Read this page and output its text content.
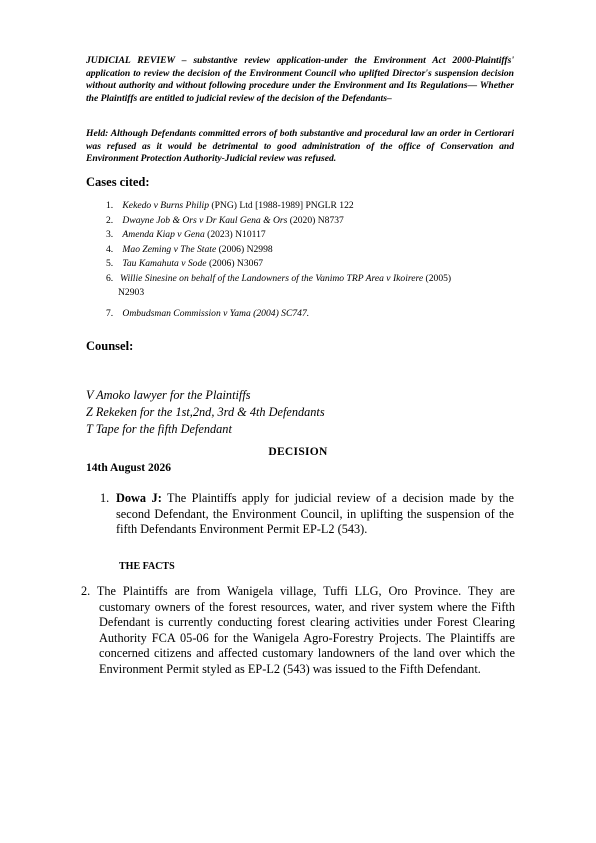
JUDICIAL REVIEW – substantive review application-under the Environment Act 2000-Plaintiffs' application to review the decision of the Environment Council who uplifted Director's suspension decision without authority and without following procedure under the Environment and Its Regulations— Whether the Plaintiffs are entitled to judicial review of the decision of the Defendants–
Held: Although Defendants committed errors of both substantive and procedural law an order in Certiorari was refused as it would be detrimental to good administration of the office of Conservation and Environment Protection Authority-Judicial review was refused.
Cases cited:
1. Kekedo v Burns Philip (PNG) Ltd [1988-1989] PNGLR 122
2. Dwayne Job & Ors v Dr Kaul Gena & Ors (2020) N8737
3. Amenda Kiap v Gena (2023) N10117
4. Mao Zeming v The State (2006) N2998
5. Tau Kamahuta v Sode (2006) N3067
6. Willie Sinesine on behalf of the Landowners of the Vanimo TRP Area v Ikoirere (2005)
N2903
7. Ombudsman Commission v Yama (2004) SC747.
Counsel:
V Amoko lawyer for the Plaintiffs
Z Rekeken for the 1st,2nd, 3rd & 4th Defendants
T Tape for the fifth Defendant
DECISION
14th August 2026
1. Dowa J: The Plaintiffs apply for judicial review of a decision made by the second Defendant, the Environment Council, in uplifting the suspension of the fifth Defendants Environment Permit EP-L2 (543).
THE FACTS
2. The Plaintiffs are from Wanigela village, Tuffi LLG, Oro Province. They are customary owners of the forest resources, water, and river system where the Fifth Defendant is currently conducting forest clearing activities under Forest Clearing Authority FCA 05-06 for the Wanigela Agro-Forestry Projects. The Plaintiffs are concerned citizens and affected customary landowners of the land over which the Environment Permit styled as EP-L2 (543) was issued to the Fifth Defendant.
